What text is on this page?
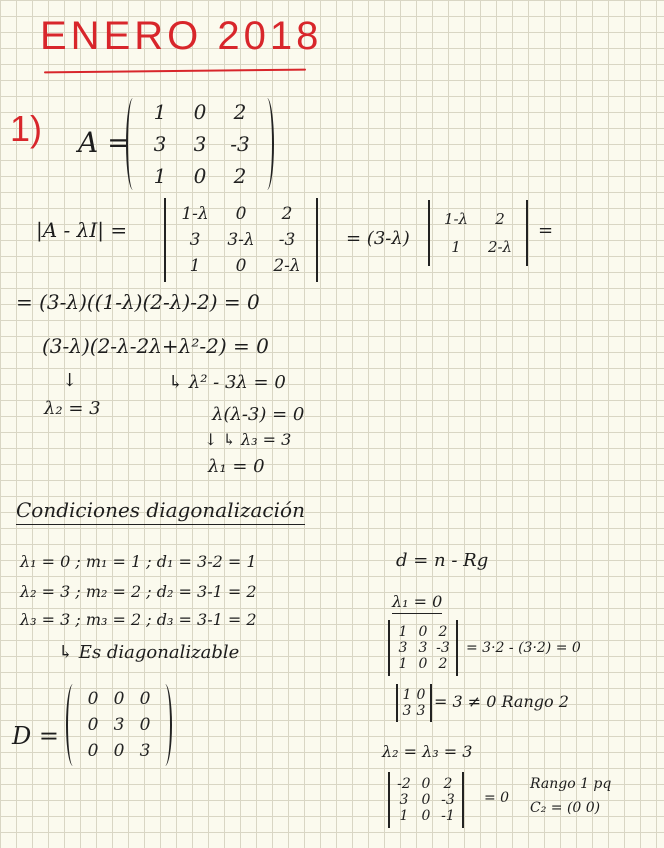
ENERO 2018
1) A =
1	0	2
3	3	-3
1	0	2
|A - λI| =
1-λ	0	2
3	3-λ	-3
1	0	2-λ
= (3-λ)
1-λ	2
1	2-λ
=
= (3-λ)((1-λ)(2-λ)-2) = 0
(3-λ)(2-λ-2λ+λ²-2) = 0
↓
λ₂ = 3
↳ λ² - 3λ = 0
λ(λ-3) = 0
↓ ↳ λ₃ = 3
λ₁ = 0
Condiciones diagonalización
λ₁ = 0 ; m₁ = 1 ; d₁ = 3-2 = 1
λ₂ = 3 ; m₂ = 2 ; d₂ = 3-1 = 2
λ₃ = 3 ; m₃ = 2 ; d₃ = 3-1 = 2
↳ Es diagonalizable
D =
0 0 0
0 3 0
0 0 3
d = n - Rg
λ₁ = 0
1 0 2
3 3 -3
1 0 2
= 3·2 - (3·2) = 0
1 0
3 3 = 3 ≠ 0 Rango 2
λ₂ = λ₃ = 3
-2 0 2
3 0 -3
1 0 -1
= 0
Rango 1 pq
C₂ = (0 0)
